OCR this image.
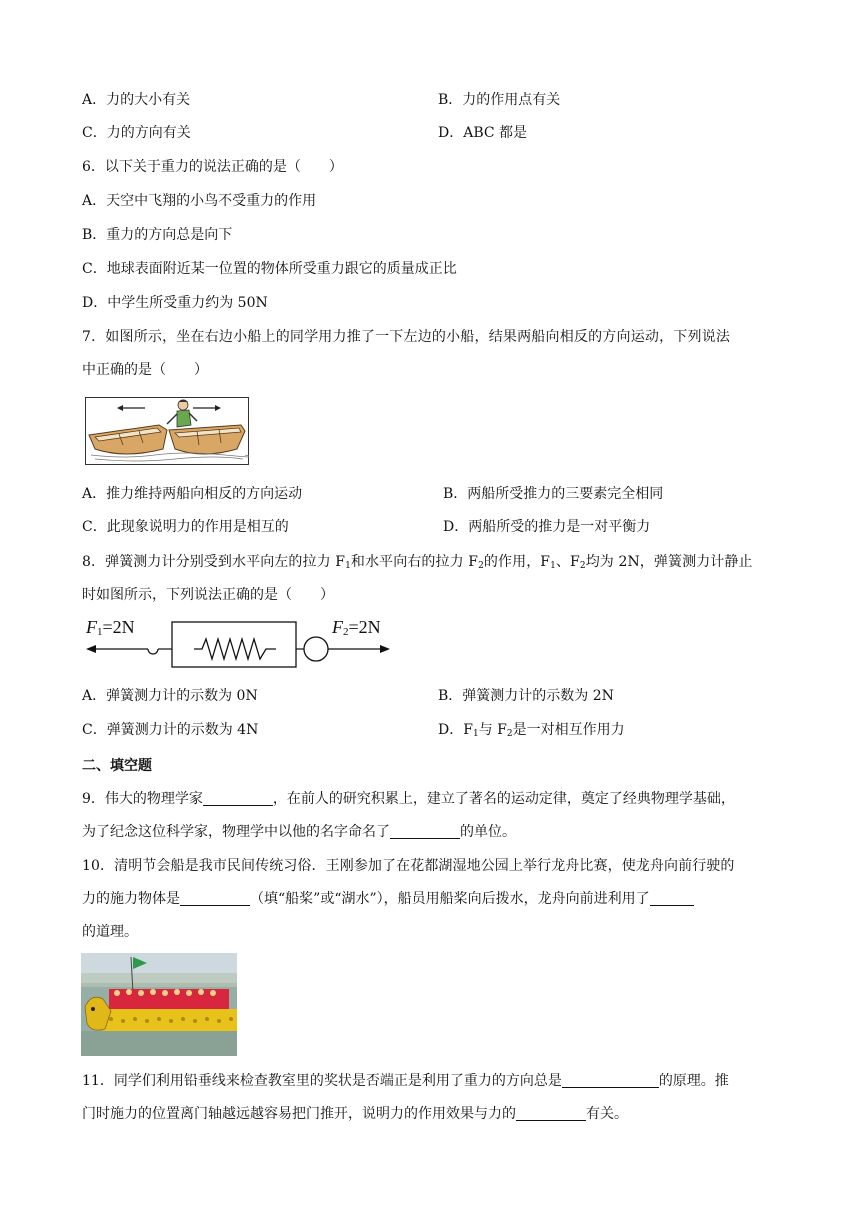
A．力的大小有关	B．力的作用点有关
C．力的方向有关	D．ABC 都是
6．以下关于重力的说法正确的是（　　）
A．天空中飞翔的小鸟不受重力的作用
B．重力的方向总是向下
C．地球表面附近某一位置的物体所受重力跟它的质量成正比
D．中学生所受重力约为 50N
7．如图所示，坐在右边小船上的同学用力推了一下左边的小船，结果两船向相反的方向运动，下列说法
中正确的是（　　）
A．推力维持两船向相反的方向运动	B．两船所受推力的三要素完全相同
C．此现象说明力的作用是相互的	D．两船所受的推力是一对平衡力
8．弹簧测力计分别受到水平向左的拉力 $F_1$和水平向右的拉力 $F_2$的作用，$F_1$、$F_2$均为 2N，弹簧测力计静止
时如图所示，下列说法正确的是（　　）
$F_1=2N$	$F_2=2N$
A．弹簧测力计的示数为 0N	B．弹簧测力计的示数为 2N
C．弹簧测力计的示数为 4N	D．$F_1$与 $F_2$是一对相互作用力
二、填空题
9．伟大的物理学家	，在前人的研究积累上，建立了著名的运动定律，奠定了经典物理学基础，
为了纪念这位科学家，物理学中以他的名字命名了	的单位。
10．清明节会船是我市民间传统习俗．王刚参加了在花都湖湿地公园上举行龙舟比赛，使龙舟向前行驶的
力的施力物体是	（填“船桨”或“湖水”），船员用船桨向后拨水，龙舟向前进利用了
的道理。
11．同学们利用铅垂线来检查教室里的奖状是否端正是利用了重力的方向总是	的原理。推
门时施力的位置离门轴越远越容易把门推开，说明力的作用效果与力的	有关。
